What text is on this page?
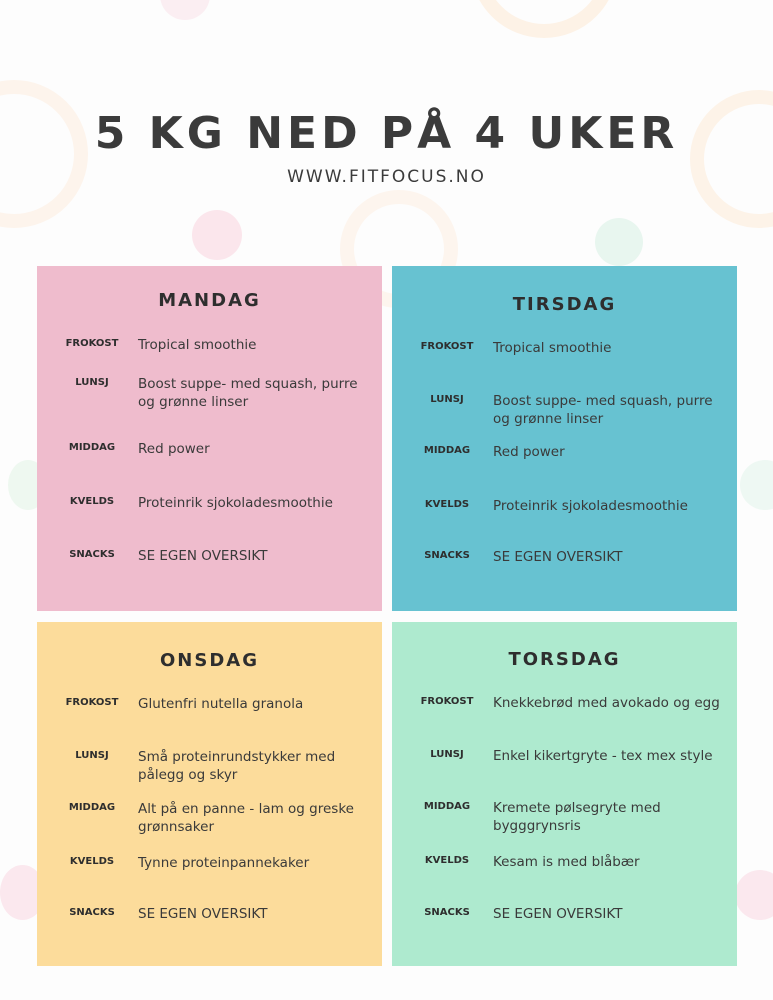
5 KG NED PÅ 4 UKER
WWW.FITFOCUS.NO
MANDAG
FROKOST	Tropical smoothie
LUNSJ	Boost suppe- med squash, purre og grønne linser
MIDDAG	Red power
KVELDS	Proteinrik sjokoladesmoothie
SNACKS	SE EGEN OVERSIKT
TIRSDAG
FROKOST	Tropical smoothie
LUNSJ	Boost suppe- med squash, purre og grønne linser
MIDDAG	Red power
KVELDS	Proteinrik sjokoladesmoothie
SNACKS	SE EGEN OVERSIKT
ONSDAG
FROKOST	Glutenfri nutella granola
LUNSJ	Små proteinrundstykker med pålegg og skyr
MIDDAG	Alt på en panne - lam og greske grønnsaker
KVELDS	Tynne proteinpannekaker
SNACKS	SE EGEN OVERSIKT
TORSDAG
FROKOST	Knekkebrød med avokado og egg
LUNSJ	Enkel kikertgryte - tex mex style
MIDDAG	Kremete pølsegryte med bygggrynsris
KVELDS	Kesam is med blåbær
SNACKS	SE EGEN OVERSIKT
